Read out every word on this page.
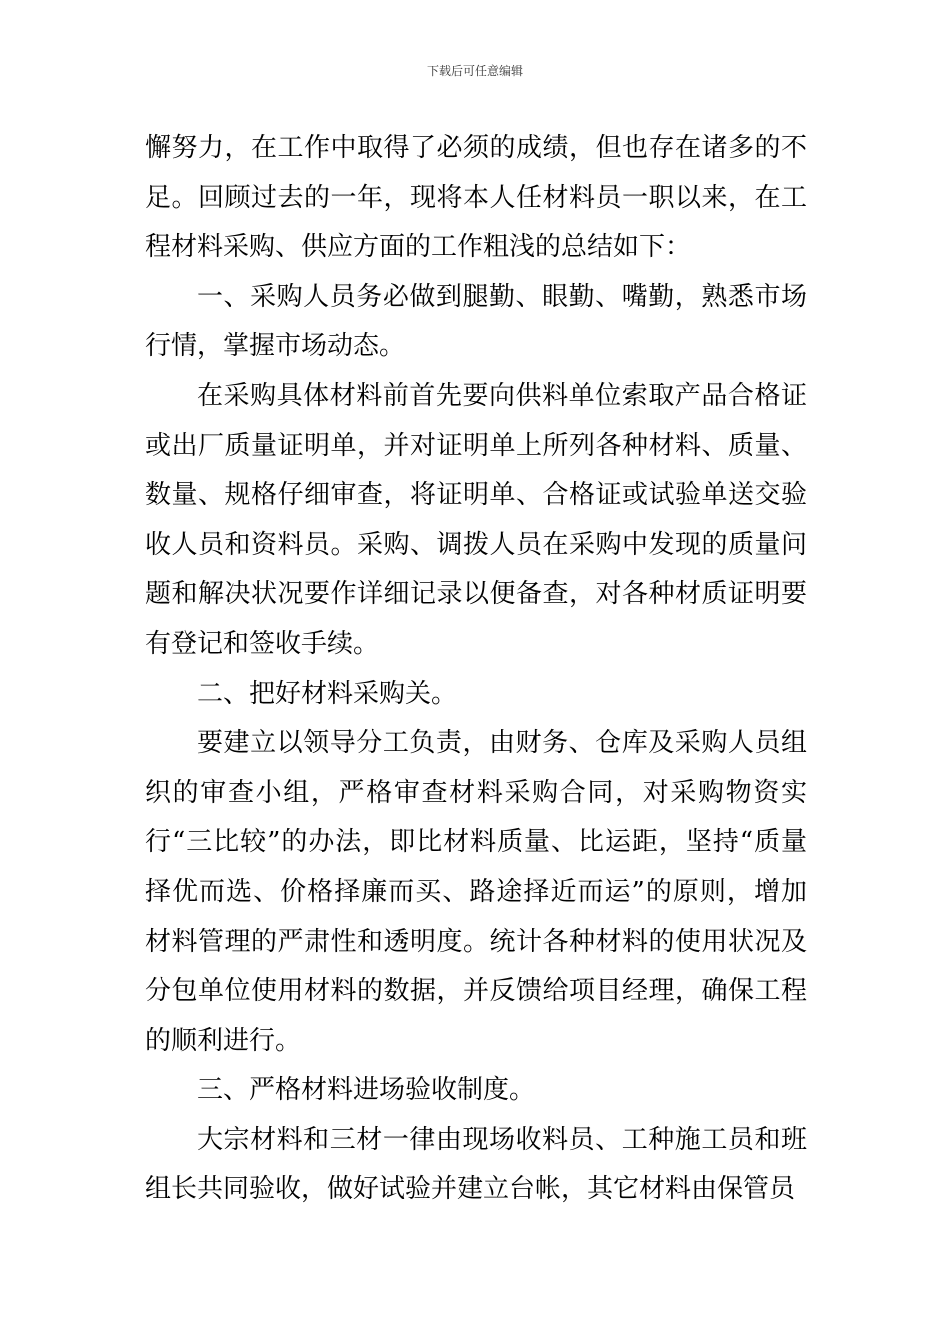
下载后可任意编辑

懈努力，在工作中取得了必须的成绩，但也存在诸多的不足。回顾过去的一年，现将本人任材料员一职以来，在工程材料采购、供应方面的工作粗浅的总结如下：

一、采购人员务必做到腿勤、眼勤、嘴勤，熟悉市场行情，掌握市场动态。

在采购具体材料前首先要向供料单位索取产品合格证或出厂质量证明单，并对证明单上所列各种材料、质量、数量、规格仔细审查，将证明单、合格证或试验单送交验收人员和资料员。采购、调拨人员在采购中发现的质量问题和解决状况要作详细记录以便备查，对各种材质证明要有登记和签收手续。

二、把好材料采购关。

要建立以领导分工负责，由财务、仓库及采购人员组织的审查小组，严格审查材料采购合同，对采购物资实行“三比较”的办法，即比材料质量、比运距，坚持“质量择优而选、价格择廉而买、路途择近而运”的原则，增加材料管理的严肃性和透明度。统计各种材料的使用状况及分包单位使用材料的数据，并反馈给项目经理，确保工程的顺利进行。

三、严格材料进场验收制度。

大宗材料和三材一律由现场收料员、工种施工员和班组长共同验收，做好试验并建立台帐，其它材料由保管员
